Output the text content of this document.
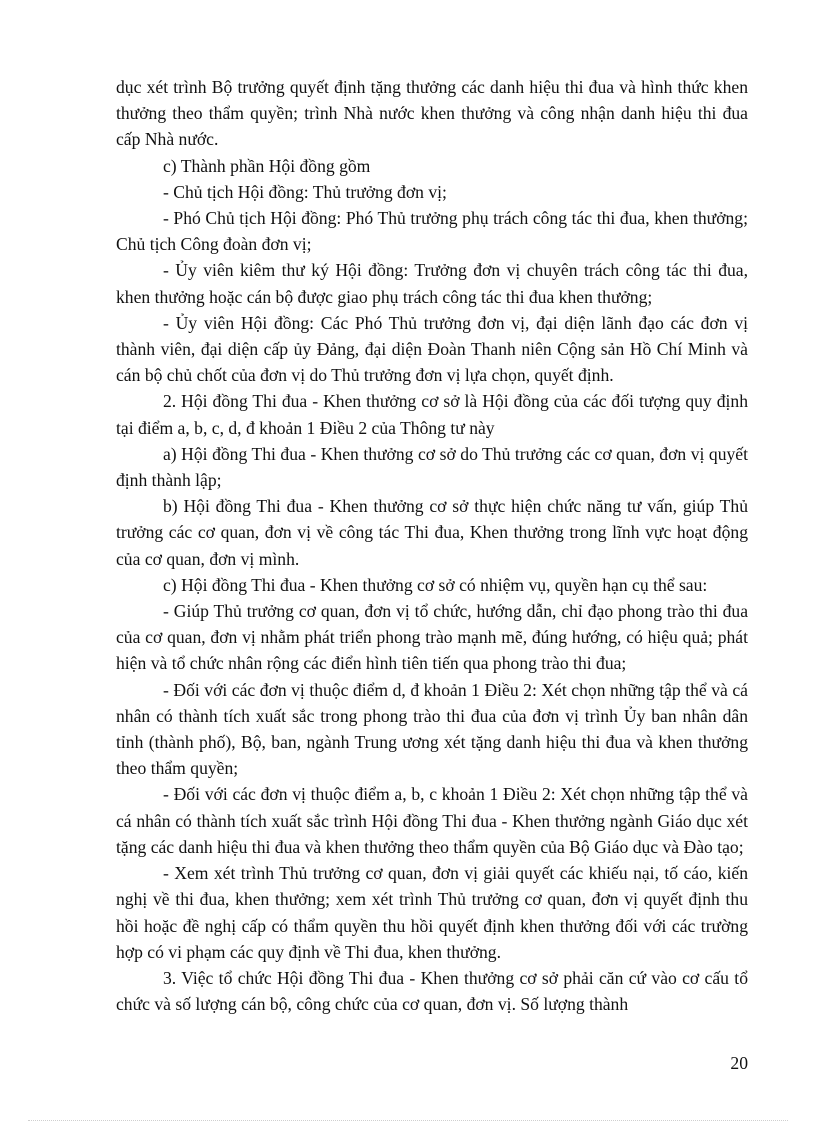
dục xét trình Bộ trưởng quyết định tặng thưởng các danh hiệu thi đua và hình thức khen thưởng theo thẩm quyền; trình Nhà nước khen thưởng và công nhận danh hiệu thi đua cấp Nhà nước.

c) Thành phần Hội đồng gồm

- Chủ tịch Hội đồng: Thủ trưởng đơn vị;

- Phó Chủ tịch Hội đồng: Phó Thủ trưởng phụ trách công tác thi đua, khen thưởng; Chủ tịch Công đoàn đơn vị;

- Ủy viên kiêm thư ký Hội đồng: Trưởng đơn vị chuyên trách công tác thi đua, khen thưởng hoặc cán bộ được giao phụ trách công tác thi đua khen thưởng;

- Ủy viên Hội đồng: Các Phó Thủ trưởng đơn vị, đại diện lãnh đạo các đơn vị thành viên, đại diện cấp ủy Đảng, đại diện Đoàn Thanh niên Cộng sản Hồ Chí Minh và cán bộ chủ chốt của đơn vị do Thủ trưởng đơn vị lựa chọn, quyết định.

2. Hội đồng Thi đua - Khen thưởng cơ sở là Hội đồng của các đối tượng quy định tại điểm a, b, c, d, đ khoản 1 Điều 2 của Thông tư này

a) Hội đồng Thi đua - Khen thưởng cơ sở do Thủ trưởng các cơ quan, đơn vị quyết định thành lập;

b) Hội đồng Thi đua - Khen thưởng cơ sở thực hiện chức năng tư vấn, giúp Thủ trưởng các cơ quan, đơn vị về công tác Thi đua, Khen thưởng trong lĩnh vực hoạt động của cơ quan, đơn vị mình.

c) Hội đồng Thi đua - Khen thưởng cơ sở có nhiệm vụ, quyền hạn cụ thể sau:

- Giúp Thủ trưởng cơ quan, đơn vị tổ chức, hướng dẫn, chỉ đạo phong trào thi đua của cơ quan, đơn vị nhằm phát triển phong trào mạnh mẽ, đúng hướng, có hiệu quả; phát hiện và tổ chức nhân rộng các điển hình tiên tiến qua phong trào thi đua;

- Đối với các đơn vị thuộc điểm d, đ khoản 1 Điều 2: Xét chọn những tập thể và cá nhân có thành tích xuất sắc trong phong trào thi đua của đơn vị trình Ủy ban nhân dân tỉnh (thành phố), Bộ, ban, ngành Trung ương xét tặng danh hiệu thi đua và khen thưởng theo thẩm quyền;

- Đối với các đơn vị thuộc điểm a, b, c khoản 1 Điều 2: Xét chọn những tập thể và cá nhân có thành tích xuất sắc trình Hội đồng Thi đua - Khen thưởng ngành Giáo dục xét tặng các danh hiệu thi đua và khen thưởng theo thẩm quyền của Bộ Giáo dục và Đào tạo;

- Xem xét trình Thủ trưởng cơ quan, đơn vị giải quyết các khiếu nại, tố cáo, kiến nghị về thi đua, khen thưởng; xem xét trình Thủ trưởng cơ quan, đơn vị quyết định thu hồi hoặc đề nghị cấp có thẩm quyền thu hồi quyết định khen thưởng đối với các trường hợp có vi phạm các quy định về Thi đua, khen thưởng.

3. Việc tổ chức Hội đồng Thi đua - Khen thưởng cơ sở phải căn cứ vào cơ cấu tổ chức và số lượng cán bộ, công chức của cơ quan, đơn vị. Số lượng thành

20
